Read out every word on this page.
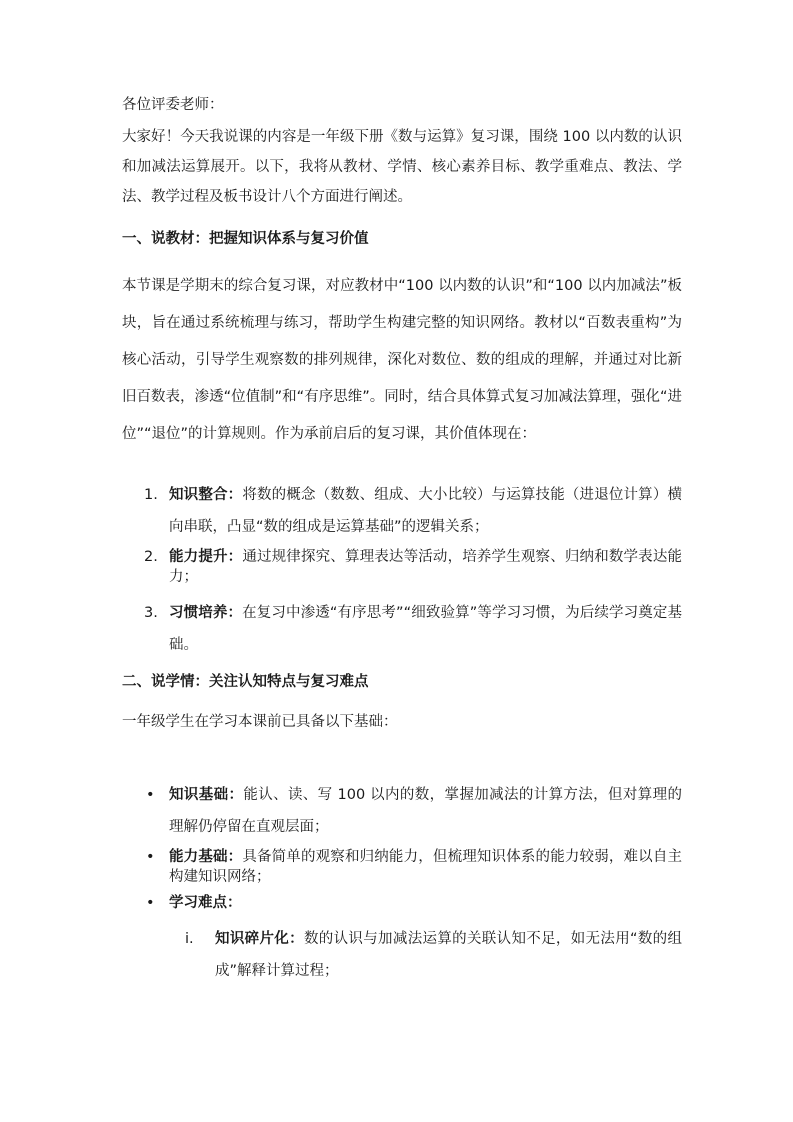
各位评委老师：

大家好！今天我说课的内容是一年级下册《数与运算》复习课，围绕 100 以内数的认识和加减法运算展开。以下，我将从教材、学情、核心素养目标、教学重难点、教法、学法、教学过程及板书设计八个方面进行阐述。

一、说教材：把握知识体系与复习价值

本节课是学期末的综合复习课，对应教材中“100 以内数的认识”和“100 以内加减法”板块，旨在通过系统梳理与练习，帮助学生构建完整的知识网络。教材以“百数表重构”为核心活动，引导学生观察数的排列规律，深化对数位、数的组成的理解，并通过对比新旧百数表，渗透“位值制”和“有序思维”。同时，结合具体算式复习加减法算理，强化“进位”“退位”的计算规则。作为承前启后的复习课，其价值体现在：

1. 知识整合：将数的概念（数数、组成、大小比较）与运算技能（进退位计算）横向串联，凸显“数的组成是运算基础”的逻辑关系；
2. 能力提升：通过规律探究、算理表达等活动，培养学生观察、归纳和数学表达能力；
3. 习惯培养：在复习中渗透“有序思考”“细致验算”等学习习惯，为后续学习奠定基础。

二、说学情：关注认知特点与复习难点

一年级学生在学习本课前已具备以下基础：

• 知识基础：能认、读、写 100 以内的数，掌握加减法的计算方法，但对算理的理解仍停留在直观层面；
• 能力基础：具备简单的观察和归纳能力，但梳理知识体系的能力较弱，难以自主构建知识网络；
• 学习难点：
i. 知识碎片化：数的认识与加减法运算的关联认知不足，如无法用“数的组成”解释计算过程；
